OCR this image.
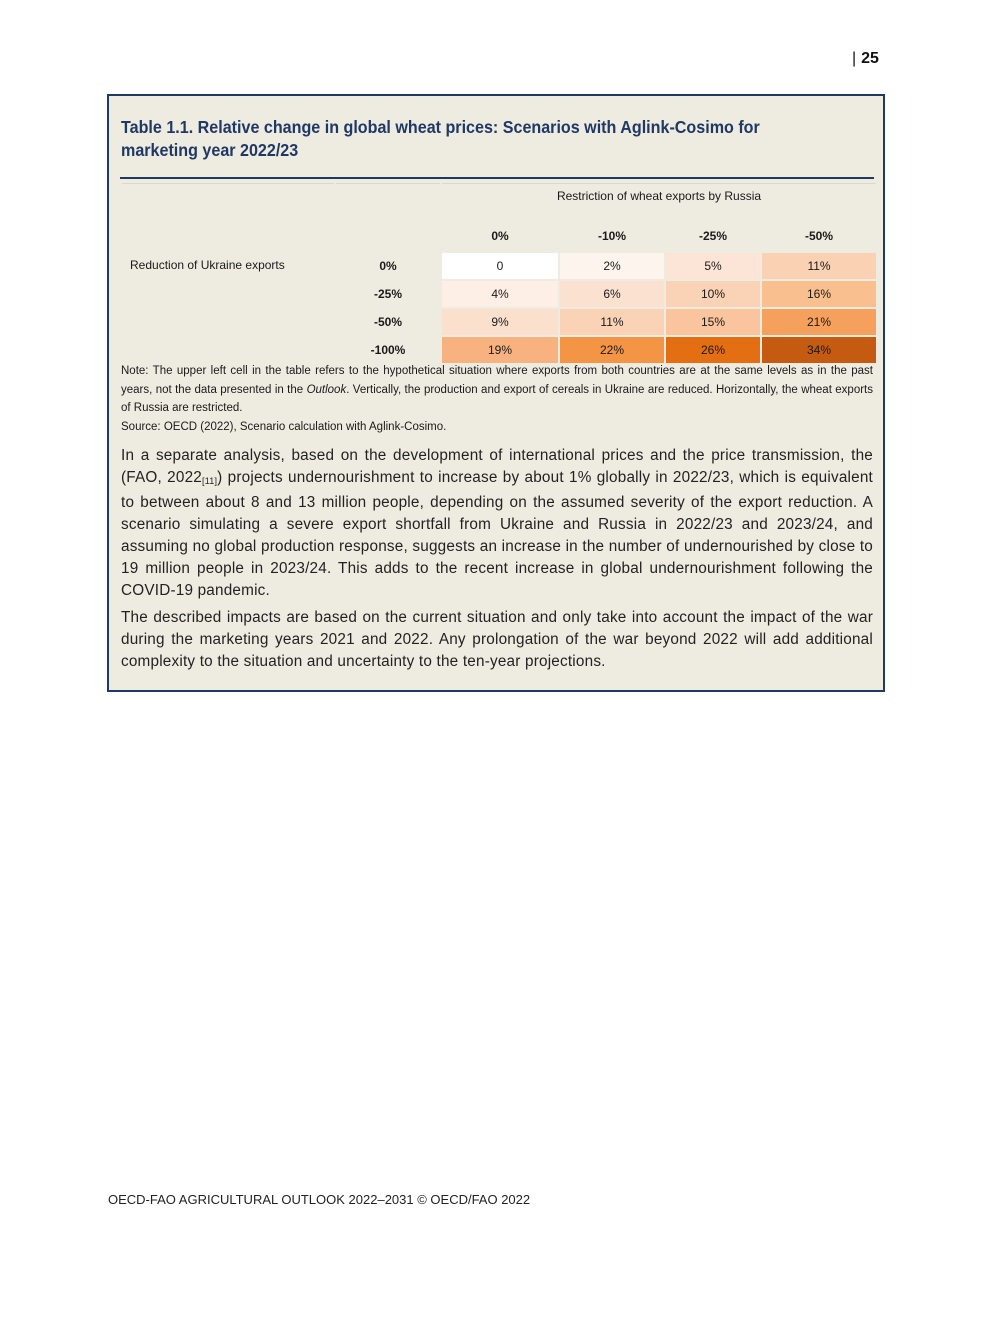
| 25
Table 1.1. Relative change in global wheat prices: Scenarios with Aglink-Cosimo for marketing year 2022/23
		Restriction of wheat exports by Russia			
		0%	-10%	-25%	-50%
Reduction of Ukraine exports	0%	0	2%	5%	11%
	-25%	4%	6%	10%	16%
	-50%	9%	11%	15%	21%
	-100%	19%	22%	26%	34%
Note: The upper left cell in the table refers to the hypothetical situation where exports from both countries are at the same levels as in the past years, not the data presented in the Outlook. Vertically, the production and export of cereals in Ukraine are reduced. Horizontally, the wheat exports of Russia are restricted.
Source: OECD (2022), Scenario calculation with Aglink-Cosimo.
In a separate analysis, based on the development of international prices and the price transmission, the (FAO, $2022_{[11]}$) projects undernourishment to increase by about 1% globally in 2022/23, which is equivalent to between about 8 and 13 million people, depending on the assumed severity of the export reduction. A scenario simulating a severe export shortfall from Ukraine and Russia in 2022/23 and 2023/24, and assuming no global production response, suggests an increase in the number of undernourished by close to 19 million people in 2023/24. This adds to the recent increase in global undernourishment following the COVID-19 pandemic.
The described impacts are based on the current situation and only take into account the impact of the war during the marketing years 2021 and 2022. Any prolongation of the war beyond 2022 will add additional complexity to the situation and uncertainty to the ten-year projections.
OECD-FAO AGRICULTURAL OUTLOOK 2022–2031 © OECD/FAO 2022
